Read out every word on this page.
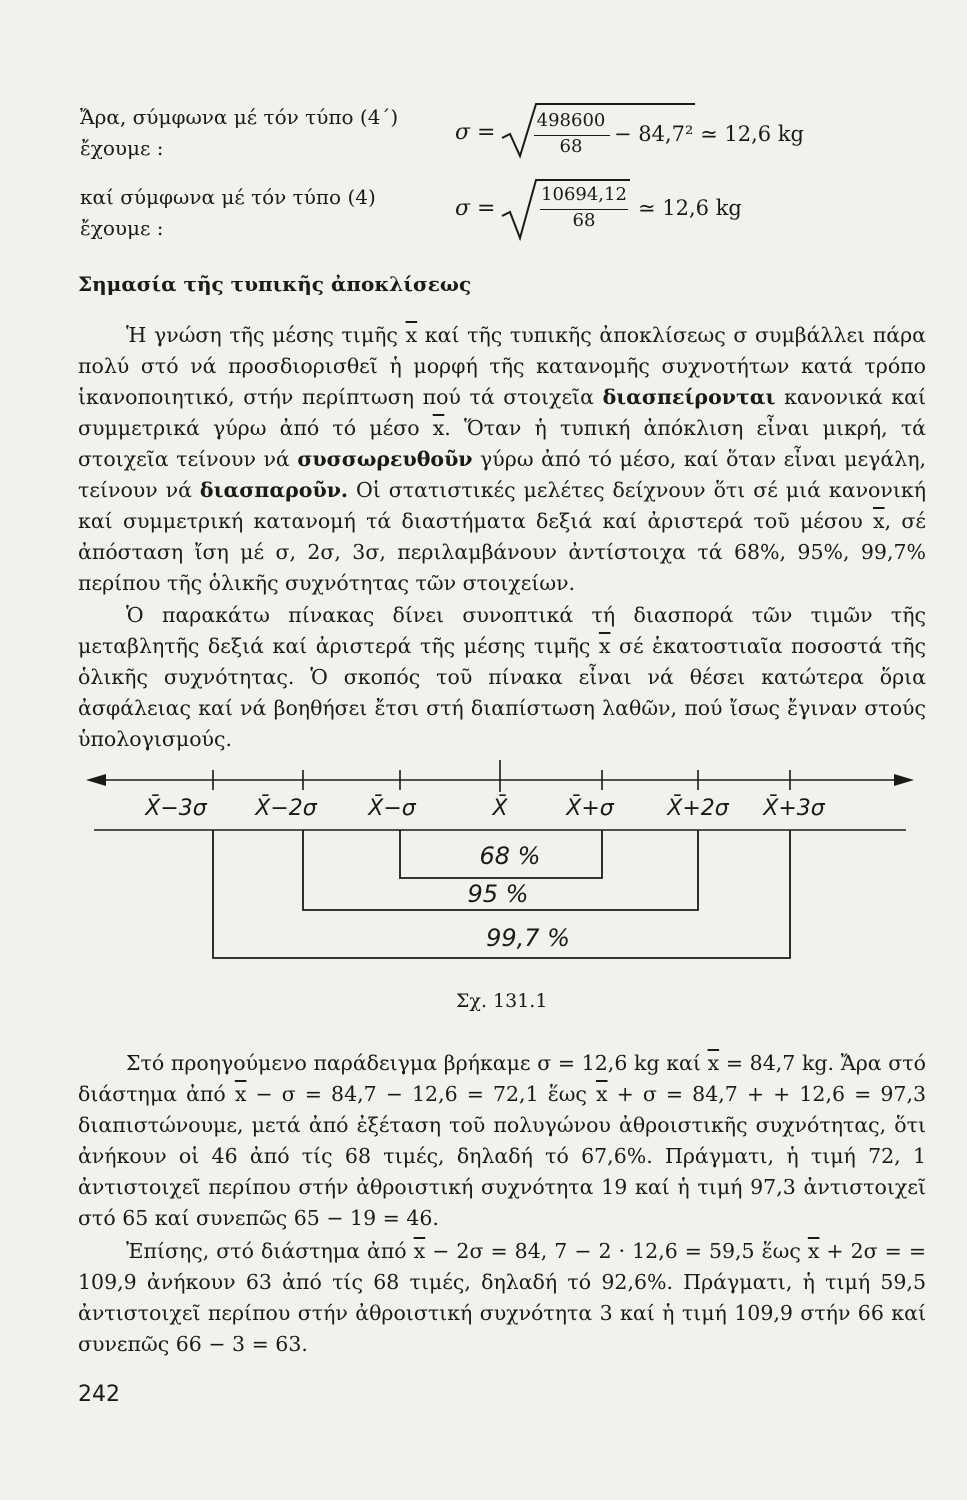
Ἄρα, σύμφωνα μέ τόν τύπο (4΄)
ἔχουμε :
σ = 498600
68
− 84,7² ≃ 12,6 kg
καί σύμφωνα μέ τόν τύπο (4)
ἔχουμε :
σ =
10694,12
68
≃ 12,6 kg
Σημασία τῆς τυπικῆς ἀποκλίσεως

Ἡ γνώση τῆς μέσης τιμῆς $\overline{x}$ καί τῆς τυπικῆς ἀποκλίσεως σ συμβάλλει πάρα πολύ στό νά προσδιορισθεῖ ἡ μορφή τῆς κατανομῆς συχνοτήτων κατά τρόπο ἱκανοποιητικό, στήν περίπτωση πού τά στοιχεῖα διασπείρονται κανονικά καί συμμετρικά γύρω ἀπό τό μέσο $\overline{x}$. Ὅταν ἡ τυπική ἀπόκλιση εἶναι μικρή, τά στοιχεῖα τείνουν νά συσσωρευθοῦν γύρω ἀπό τό μέσο, καί ὅταν εἶναι μεγάλη, τείνουν νά διασπαροῦν. Οἱ στατιστικές μελέτες δείχνουν ὅτι σέ μιά κανονική καί συμμετρική κατανομή τά διαστήματα δεξιά καί ἀριστερά τοῦ μέσου $\overline{x}$, σέ ἀπόσταση ἴση μέ σ, 2σ, 3σ, περιλαμβάνουν ἀντίστοιχα τά 68%, 95%, 99,7% περίπου τῆς ὁλικῆς συχνότητας τῶν στοιχείων.

Ὁ παρακάτω πίνακας δίνει συνοπτικά τή διασπορά τῶν τιμῶν τῆς μεταβλητῆς δεξιά καί ἀριστερά τῆς μέσης τιμῆς $\overline{x}$ σέ ἑκατοστιαῖα ποσοστά τῆς ὁλικῆς συχνότητας. Ὁ σκοπός τοῦ πίνακα εἶναι νά θέσει κατώτερα ὅρια ἀσφάλειας καί νά βοηθήσει ἔτσι στή διαπίστωση λαθῶν, πού ἴσως ἔγιναν στούς ὑπολογισμούς.

X̄−3σ X̄−2σ X̄−σ	X̄	X̄+σ X̄+2σ X̄+3σ
68 %
95 %
99,7 %
Σχ. 131.1

Στό προηγούμενο παράδειγμα βρήκαμε σ = 12,6 kg καί $\overline{x} = 84,7$ kg. Ἄρα στό διάστημα ἀπό $\overline{x} - \sigma = 84,7 - 12,6 = 72,1$ ἕως $\overline{x} + \sigma = 84,7$ + + 12,6 = 97,3 διαπιστώνουμε, μετά ἀπό ἐξέταση τοῦ πολυγώνου ἀθροιστικῆς συχνότητας, ὅτι ἀνήκουν οἱ 46 ἀπό τίς 68 τιμές, δηλαδή τό 67,6%. Πράγματι, ἡ τιμή 72, 1 ἀντιστοιχεῖ περίπου στήν ἀθροιστική συχνότητα 19 καί ἡ τιμή 97,3 ἀντιστοιχεῖ στό 65 καί συνεπῶς 65 − 19 = 46.

Ἐπίσης, στό διάστημα ἀπό $\overline{x} - 2\sigma = 84$, 7 − 2 · 12,6 = 59,5 ἕως $\overline{x} + 2\sigma$ = = 109,9 ἀνήκουν 63 ἀπό τίς 68 τιμές, δηλαδή τό 92,6%. Πράγματι, ἡ τιμή 59,5 ἀντιστοιχεῖ περίπου στήν ἀθροιστική συχνότητα 3 καί ἡ τιμή 109,9 στήν 66 καί συνεπῶς 66 − 3 = 63.

242
